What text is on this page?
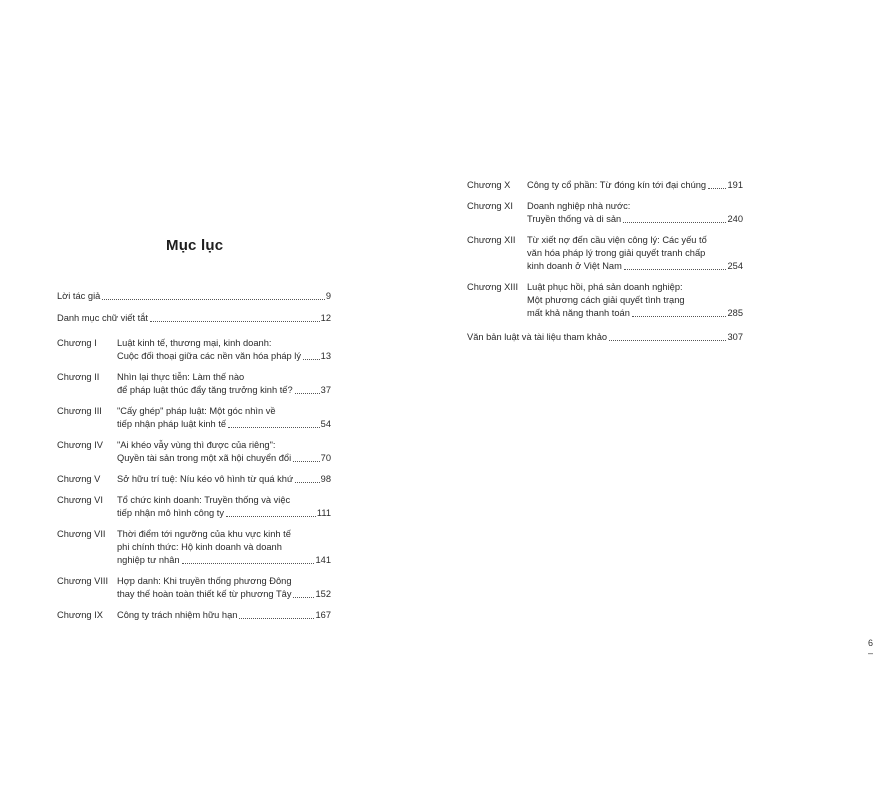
Mục lục
Lời tác giả	9
Danh mục chữ viết tắt	12
Chương I	Luật kinh tế, thương mại, kinh doanh:
Cuộc đối thoại giữa các nền văn hóa pháp lý 13
Chương II	Nhìn lại thực tiễn: Làm thế nào
để pháp luật thúc đẩy tăng trưởng kinh tế?	37
Chương III	"Cấy ghép" pháp luật: Một góc nhìn về
tiếp nhận pháp luật kinh tế	54
Chương IV	"Ai khéo vẫy vùng thì được của riêng":
Quyền tài sản trong một xã hội chuyển đổi	70
Chương V	Sở hữu trí tuệ: Níu kéo vô hình từ quá khứ	98
Chương VI	Tổ chức kinh doanh: Truyền thống và việc
tiếp nhận mô hình công ty	111
Chương VII	Thời điểm tới ngưỡng của khu vực kinh tế
phi chính thức: Hộ kinh doanh và doanh
nghiệp tư nhân	141
Chương VIII Hợp danh: Khi truyền thống phương Đông
thay thế hoàn toàn thiết kế từ phương Tây	152
Chương IX	Công ty trách nhiệm hữu hạn	167
6 –
Chương X	Công ty cổ phần: Từ đóng kín tới đại chúng 191
Chương XI	Doanh nghiệp nhà nước:
Truyền thống và di sản	240
Chương XII	Từ xiết nợ đến cầu viện công lý: Các yếu tố
văn hóa pháp lý trong giải quyết tranh chấp
kinh doanh ở Việt Nam	254
Chương XIII Luật phục hồi, phá sản doanh nghiệp:
Một phương cách giải quyết tình trạng
mất khả năng thanh toán	285
Văn bản luật và tài liệu tham khảo	307
